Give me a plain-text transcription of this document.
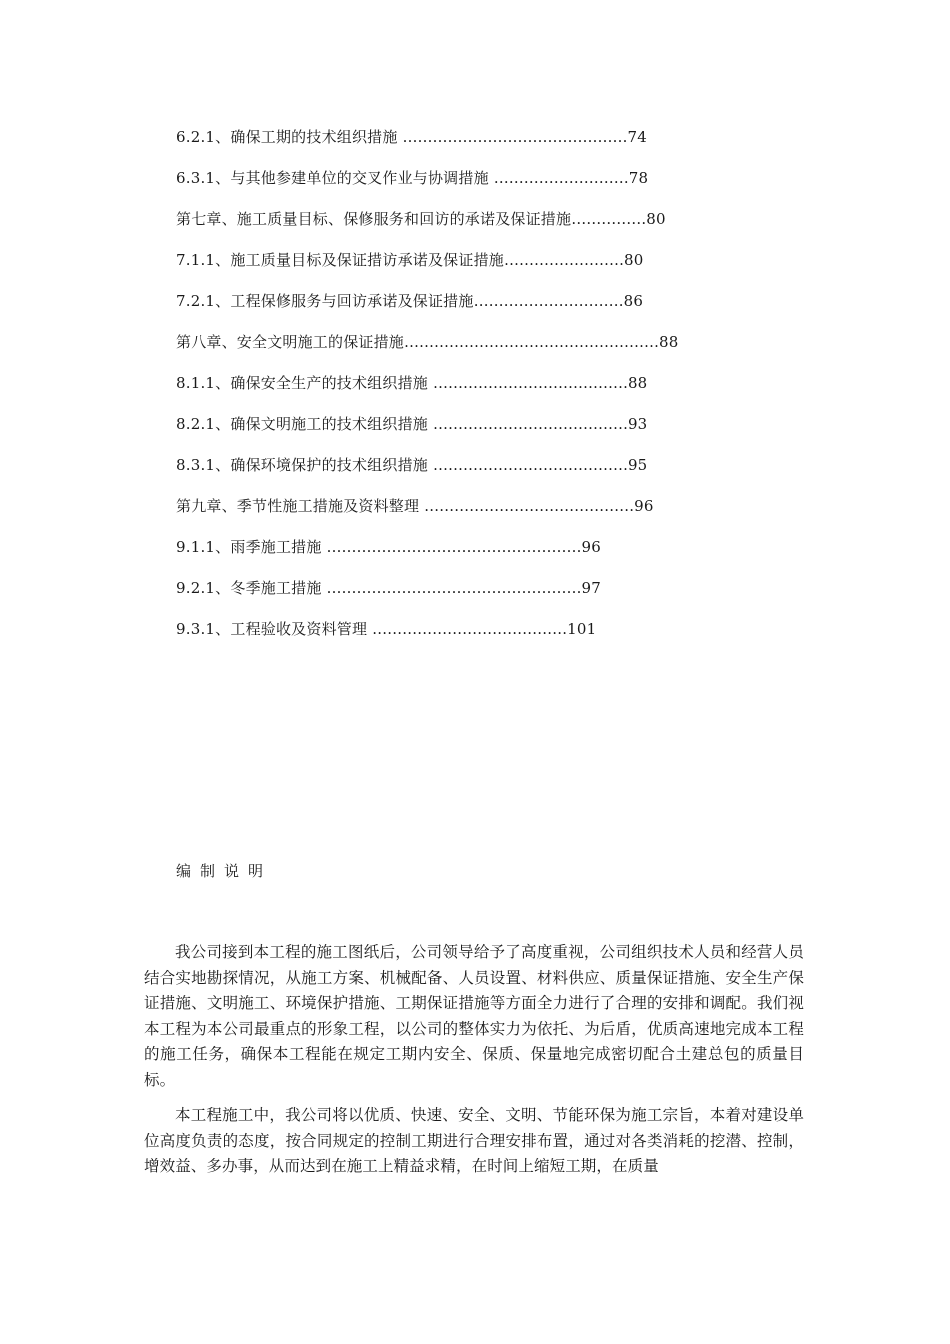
6.2.1、确保工期的技术组织措施 ………………………………………74
6.3.1、与其他参建单位的交叉作业与协调措施 ………………………78
第七章、施工质量目标、保修服务和回访的承诺及保证措施……………80
7.1.1、施工质量目标及保证措访承诺及保证措施……………………80
7.2.1、工程保修服务与回访承诺及保证措施…………………………86
第八章、安全文明施工的保证措施……………………………………………88
8.1.1、确保安全生产的技术组织措施 …………………………………88
8.2.1、确保文明施工的技术组织措施 …………………………………93
8.3.1、确保环境保护的技术组织措施 …………………………………95
第九章、季节性施工措施及资料整理 ……………………………………96
9.1.1、雨季施工措施 ……………………………………………96
9.2.1、冬季施工措施 ……………………………………………97
9.3.1、工程验收及资料管理 …………………………………101
编制说明

我公司接到本工程的施工图纸后，公司领导给予了高度重视，公司组织技术人员和经营人员结合实地勘探情况，从施工方案、机械配备、人员设置、材料供应、质量保证措施、安全生产保证措施、文明施工、环境保护措施、工期保证措施等方面全力进行了合理的安排和调配。我们视本工程为本公司最重点的形象工程，以公司的整体实力为依托、为后盾，优质高速地完成本工程的施工任务，确保本工程能在规定工期内安全、保质、保量地完成密切配合土建总包的质量目标。

本工程施工中，我公司将以优质、快速、安全、文明、节能环保为施工宗旨，本着对建设单位高度负责的态度，按合同规定的控制工期进行合理安排布置，通过对各类消耗的挖潜、控制，增效益、多办事，从而达到在施工上精益求精，在时间上缩短工期，在质量
